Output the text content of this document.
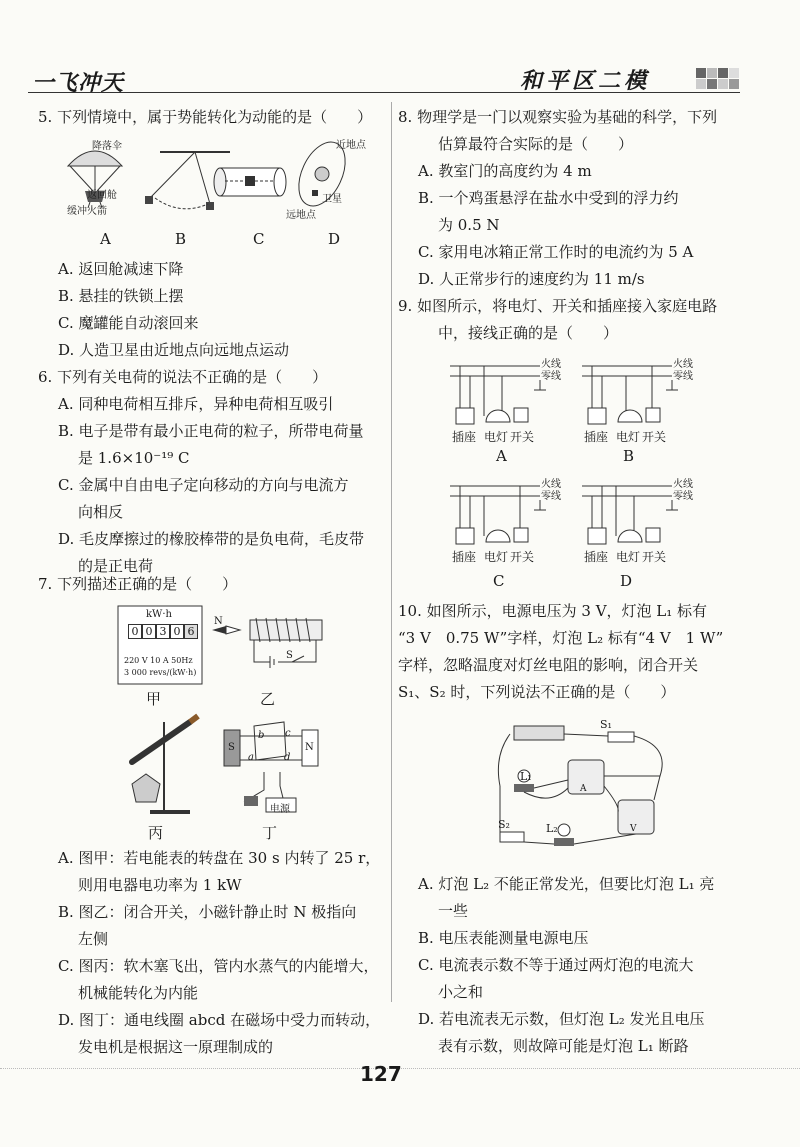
一飞冲天	和平区二模

5. 下列情境中，属于势能转化为动能的是（　　）

降落伞
返回舱
缓冲火箭
近地点
卫星
远地点
A	B	C	D

A. 返回舱减速下降

B. 悬挂的铁锁上摆

C. 魔罐能自动滚回来

D. 人造卫星由近地点向远地点运动

6. 下列有关电荷的说法不正确的是（　　）

A. 同种电荷相互排斥，异种电荷相互吸引

B. 电子是带有最小正电荷的粒子，所带电荷量

是 1.6×10⁻¹⁹ C

C. 金属中自由电子定向移动的方向与电流方

向相反

D. 毛皮摩擦过的橡胶棒带的是负电荷，毛皮带

的是正电荷

7. 下列描述正确的是（　　）

kW·h
0 0 3 0 6
220 V 10 A 50Hz
3 000 revs/(kW·h)
N
S
甲	乙
S	N
b c
a	d
电源
丙	丁

A. 图甲：若电能表的转盘在 30 s 内转了 25 r，

则用电器电功率为 1 kW

B. 图乙：闭合开关，小磁针静止时 N 极指向

左侧

C. 图丙：软木塞飞出，管内水蒸气的内能增大，

机械能转化为内能

D. 图丁：通电线圈 abcd 在磁场中受力而转动，

发电机是根据这一原理制成的

8. 物理学是一门以观察实验为基础的科学，下列

估算最符合实际的是（　　）

A. 教室门的高度约为 4 m

B. 一个鸡蛋悬浮在盐水中受到的浮力约

为 0.5 N

C. 家用电冰箱正常工作时的电流约为 5 A

D. 人正常步行的速度约为 11 m/s

9. 如图所示，将电灯、开关和插座接入家庭电路

中，接线正确的是（　　）

火线
零线
火线
零线
火线
零线
火线
零线
插座 电灯 开关	插座 电灯 开关
插座 电灯 开关	插座 电灯 开关
A	B
C	D

10. 如图所示，电源电压为 3 V，灯泡 L₁ 标有

“3 V　0.75 W”字样，灯泡 L₂ 标有“4 V　1 W”

字样，忽略温度对灯丝电阻的影响，闭合开关

S₁、S₂ 时，下列说法不正确的是（　　）

S₁
L₁
S₂	L₂
A
V

A. 灯泡 L₂ 不能正常发光，但要比灯泡 L₁ 亮

一些

B. 电压表能测量电源电压

C. 电流表示数不等于通过两灯泡的电流大

小之和

D. 若电流表无示数，但灯泡 L₂ 发光且电压

表有示数，则故障可能是灯泡 L₁ 断路

127
